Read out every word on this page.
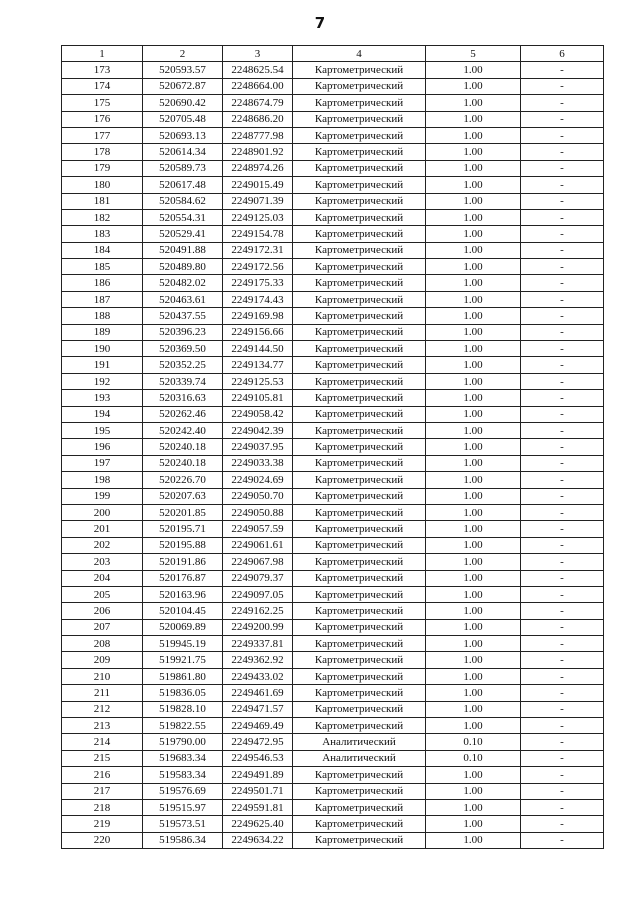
7
1	2	3	4	5	6
173	520593.57	2248625.54	Картометрический	1.00	-
174	520672.87	2248664.00	Картометрический	1.00	-
175	520690.42	2248674.79	Картометрический	1.00	-
176	520705.48	2248686.20	Картометрический	1.00	-
177	520693.13	2248777.98	Картометрический	1.00	-
178	520614.34	2248901.92	Картометрический	1.00	-
179	520589.73	2248974.26	Картометрический	1.00	-
180	520617.48	2249015.49	Картометрический	1.00	-
181	520584.62	2249071.39	Картометрический	1.00	-
182	520554.31	2249125.03	Картометрический	1.00	-
183	520529.41	2249154.78	Картометрический	1.00	-
184	520491.88	2249172.31	Картометрический	1.00	-
185	520489.80	2249172.56	Картометрический	1.00	-
186	520482.02	2249175.33	Картометрический	1.00	-
187	520463.61	2249174.43	Картометрический	1.00	-
188	520437.55	2249169.98	Картометрический	1.00	-
189	520396.23	2249156.66	Картометрический	1.00	-
190	520369.50	2249144.50	Картометрический	1.00	-
191	520352.25	2249134.77	Картометрический	1.00	-
192	520339.74	2249125.53	Картометрический	1.00	-
193	520316.63	2249105.81	Картометрический	1.00	-
194	520262.46	2249058.42	Картометрический	1.00	-
195	520242.40	2249042.39	Картометрический	1.00	-
196	520240.18	2249037.95	Картометрический	1.00	-
197	520240.18	2249033.38	Картометрический	1.00	-
198	520226.70	2249024.69	Картометрический	1.00	-
199	520207.63	2249050.70	Картометрический	1.00	-
200	520201.85	2249050.88	Картометрический	1.00	-
201	520195.71	2249057.59	Картометрический	1.00	-
202	520195.88	2249061.61	Картометрический	1.00	-
203	520191.86	2249067.98	Картометрический	1.00	-
204	520176.87	2249079.37	Картометрический	1.00	-
205	520163.96	2249097.05	Картометрический	1.00	-
206	520104.45	2249162.25	Картометрический	1.00	-
207	520069.89	2249200.99	Картометрический	1.00	-
208	519945.19	2249337.81	Картометрический	1.00	-
209	519921.75	2249362.92	Картометрический	1.00	-
210	519861.80	2249433.02	Картометрический	1.00	-
211	519836.05	2249461.69	Картометрический	1.00	-
212	519828.10	2249471.57	Картометрический	1.00	-
213	519822.55	2249469.49	Картометрический	1.00	-
214	519790.00	2249472.95	Аналитический	0.10	-
215	519683.34	2249546.53	Аналитический	0.10	-
216	519583.34	2249491.89	Картометрический	1.00	-
217	519576.69	2249501.71	Картометрический	1.00	-
218	519515.97	2249591.81	Картометрический	1.00	-
219	519573.51	2249625.40	Картометрический	1.00	-
220	519586.34	2249634.22	Картометрический	1.00	-
